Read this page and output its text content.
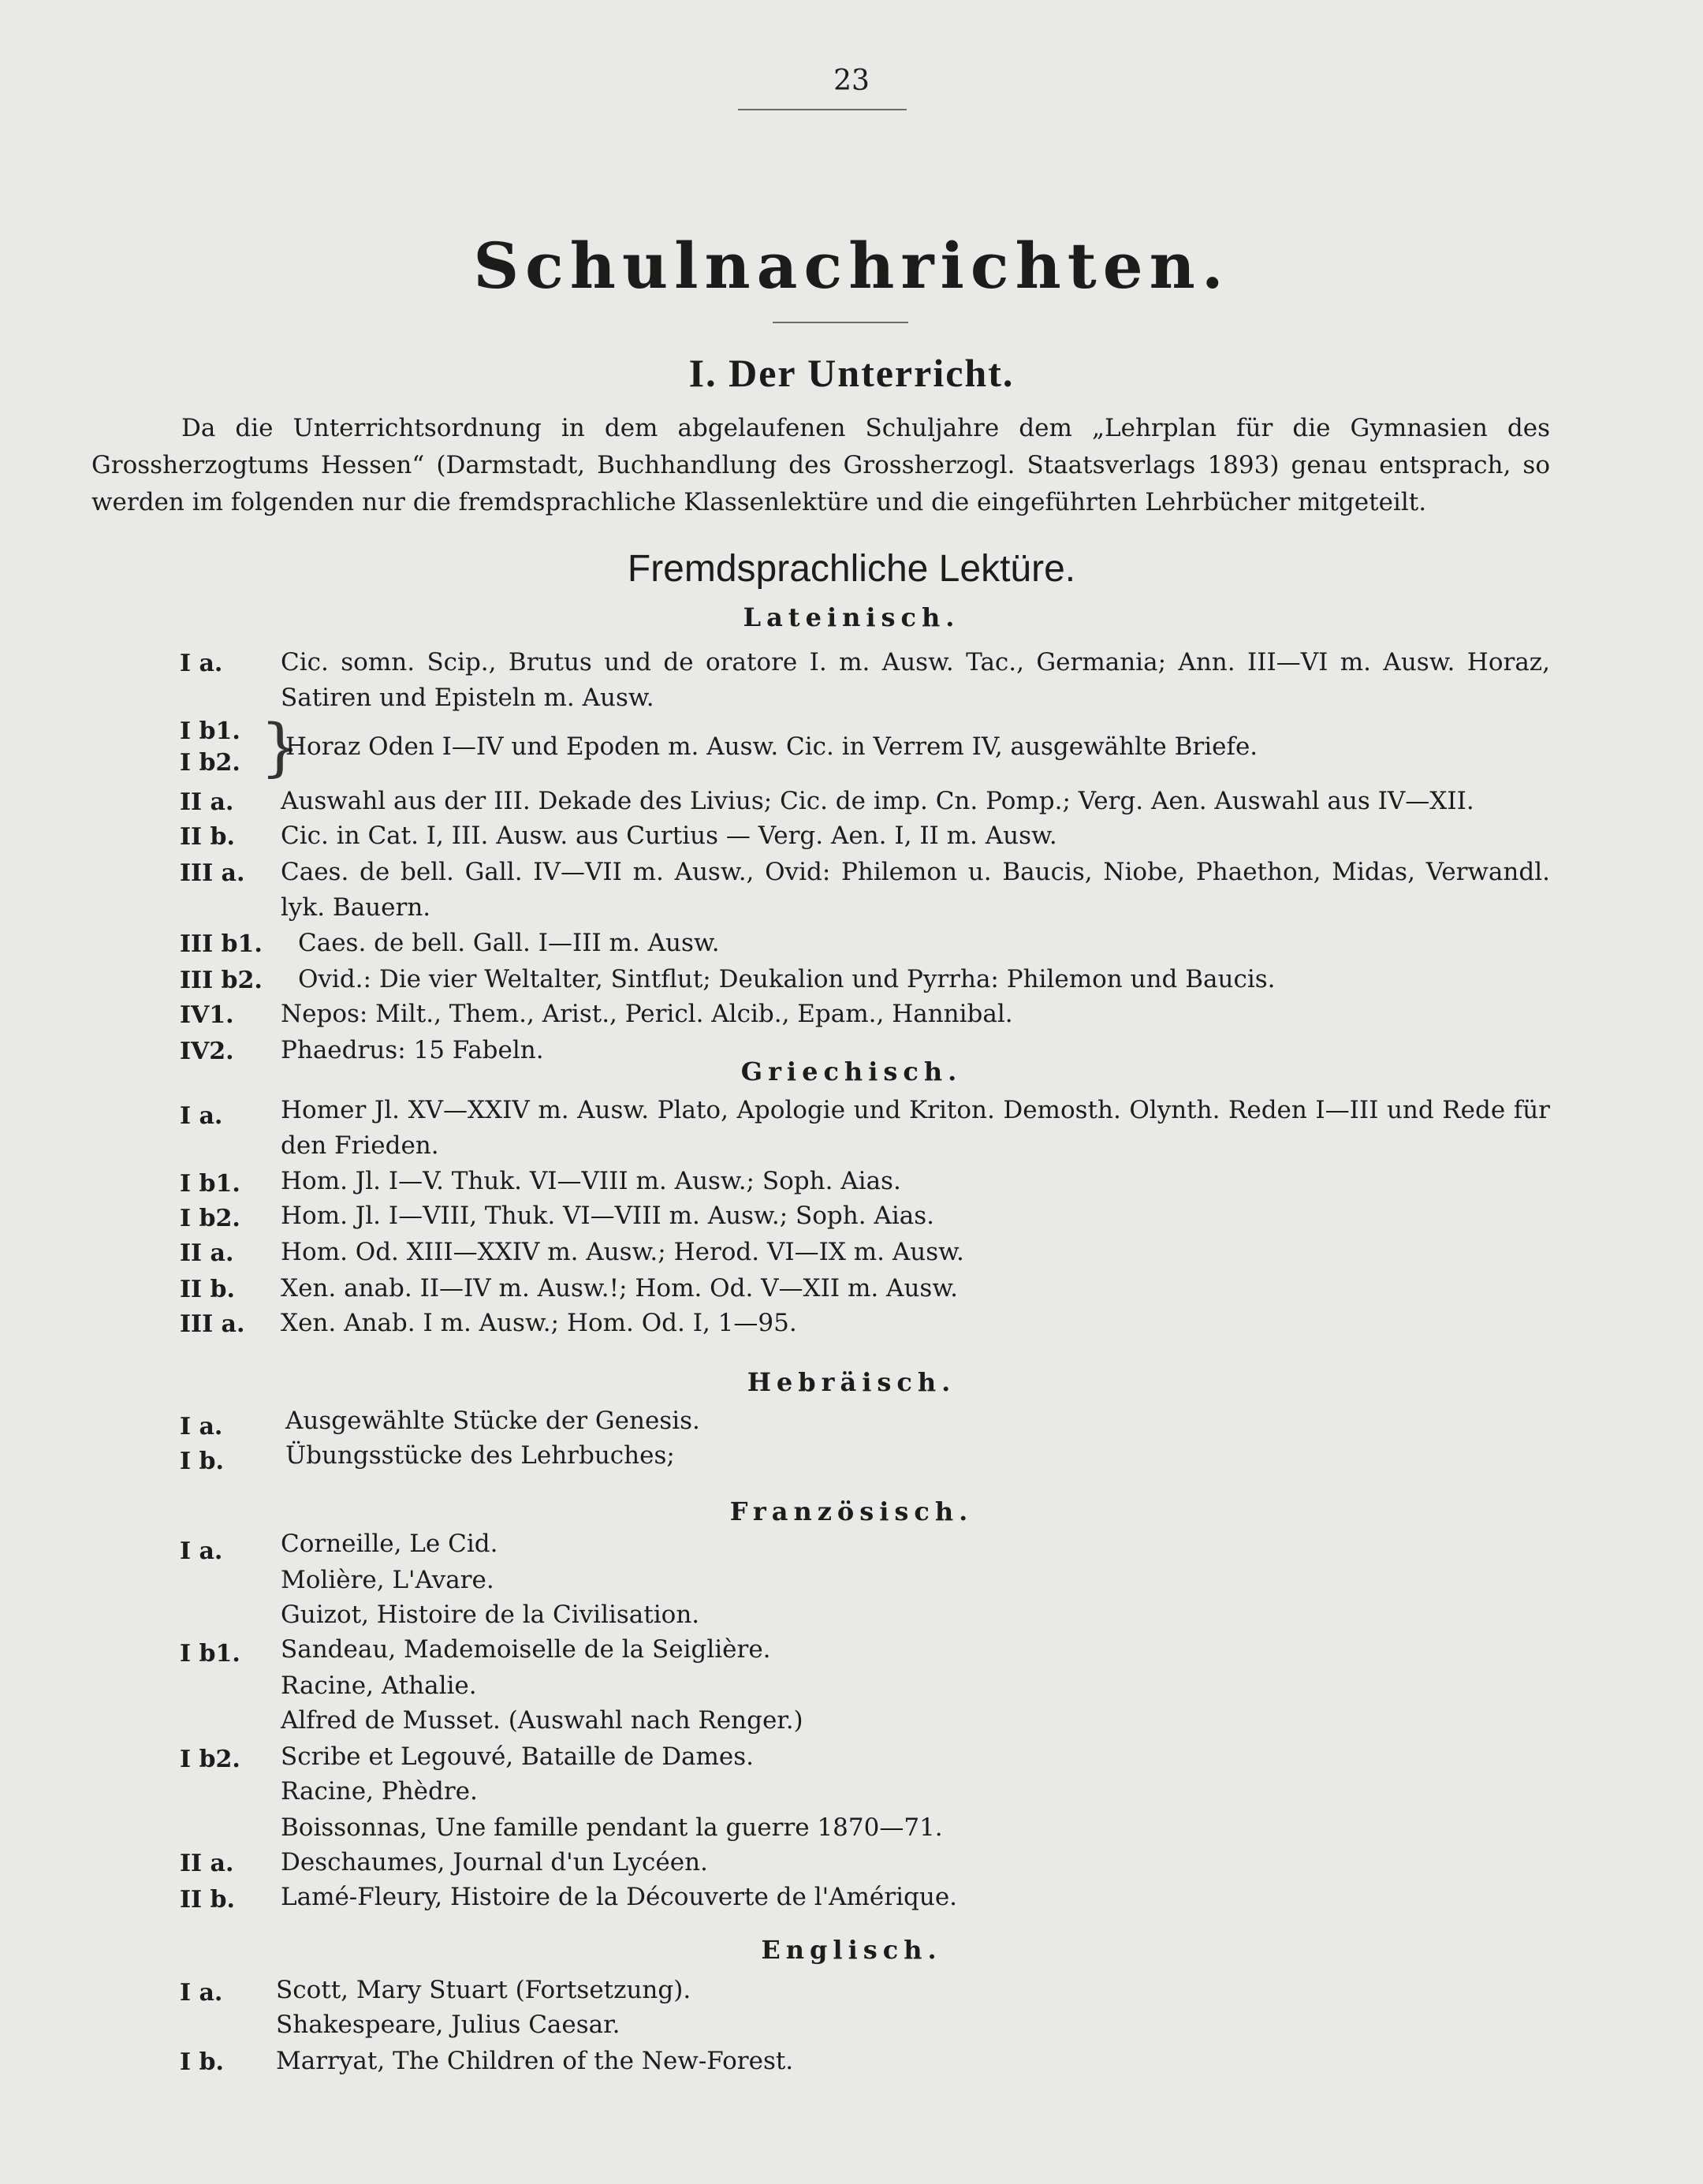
23
Schulnachrichten.
I. Der Unterricht.

Da die Unterrichtsordnung in dem abgelaufenen Schuljahre dem „Lehrplan für die Gymnasien des Grossherzogtums Hessen“ (Darmstadt, Buchhandlung des Grossherzogl. Staatsverlags 1893) genau entsprach, so werden im folgenden nur die fremdsprachliche Klassenlektüre und die eingeführten Lehrbücher mitgeteilt.

Fremdsprachliche Lektüre.
Lateinisch.
I a. Cic. somn. Scip., Brutus und de oratore I. m. Ausw. Tac., Germania; Ann. III—VI m. Ausw. Horaz, Satiren und Episteln m. Ausw.
I b1.
I b2. }
Horaz Oden I—IV und Epoden m. Ausw. Cic. in Verrem IV, ausgewählte Briefe.
II a. Auswahl aus der III. Dekade des Livius; Cic. de imp. Cn. Pomp.; Verg. Aen. Auswahl aus IV—XII.
II b. Cic. in Cat. I, III. Ausw. aus Curtius — Verg. Aen. I, II m. Ausw.
III a. Caes. de bell. Gall. IV—VII m. Ausw., Ovid: Philemon u. Baucis, Niobe, Phaethon, Midas, Verwandl. lyk. Bauern.
III b1. Caes. de bell. Gall. I—III m. Ausw.
III b2. Ovid.: Die vier Weltalter, Sintflut; Deukalion und Pyrrha: Philemon und Baucis.
IV1. Nepos: Milt., Them., Arist., Pericl. Alcib., Epam., Hannibal.
IV2. Phaedrus: 15 Fabeln.
Griechisch.
I a. Homer Jl. XV—XXIV m. Ausw. Plato, Apologie und Kriton. Demosth. Olynth. Reden I—III und Rede für den Frieden.
I b1. Hom. Jl. I—V. Thuk. VI—VIII m. Ausw.; Soph. Aias.
I b2. Hom. Jl. I—VIII, Thuk. VI—VIII m. Ausw.; Soph. Aias.
II a. Hom. Od. XIII—XXIV m. Ausw.; Herod. VI—IX m. Ausw.
II b. Xen. anab. II—IV m. Ausw.!; Hom. Od. V—XII m. Ausw.
III a. Xen. Anab. I m. Ausw.; Hom. Od. I, 1—95.
Hebräisch.
I a.	Ausgewählte Stücke der Genesis.
I b.	Übungsstücke des Lehrbuches;
Französisch.
I a. Corneille, Le Cid.
Molière, L'Avare.
Guizot, Histoire de la Civilisation.
I b1. Sandeau, Mademoiselle de la Seiglière.
Racine, Athalie.
Alfred de Musset. (Auswahl nach Renger.)
I b2. Scribe et Legouvé, Bataille de Dames.
Racine, Phèdre.
Boissonnas, Une famille pendant la guerre 1870—71.
II a. Deschaumes, Journal d'un Lycéen.
II b. Lamé-Fleury, Histoire de la Découverte de l'Amérique.
Englisch.
I a. Scott, Mary Stuart (Fortsetzung).
Shakespeare, Julius Caesar.
I b. Marryat, The Children of the New-Forest.
